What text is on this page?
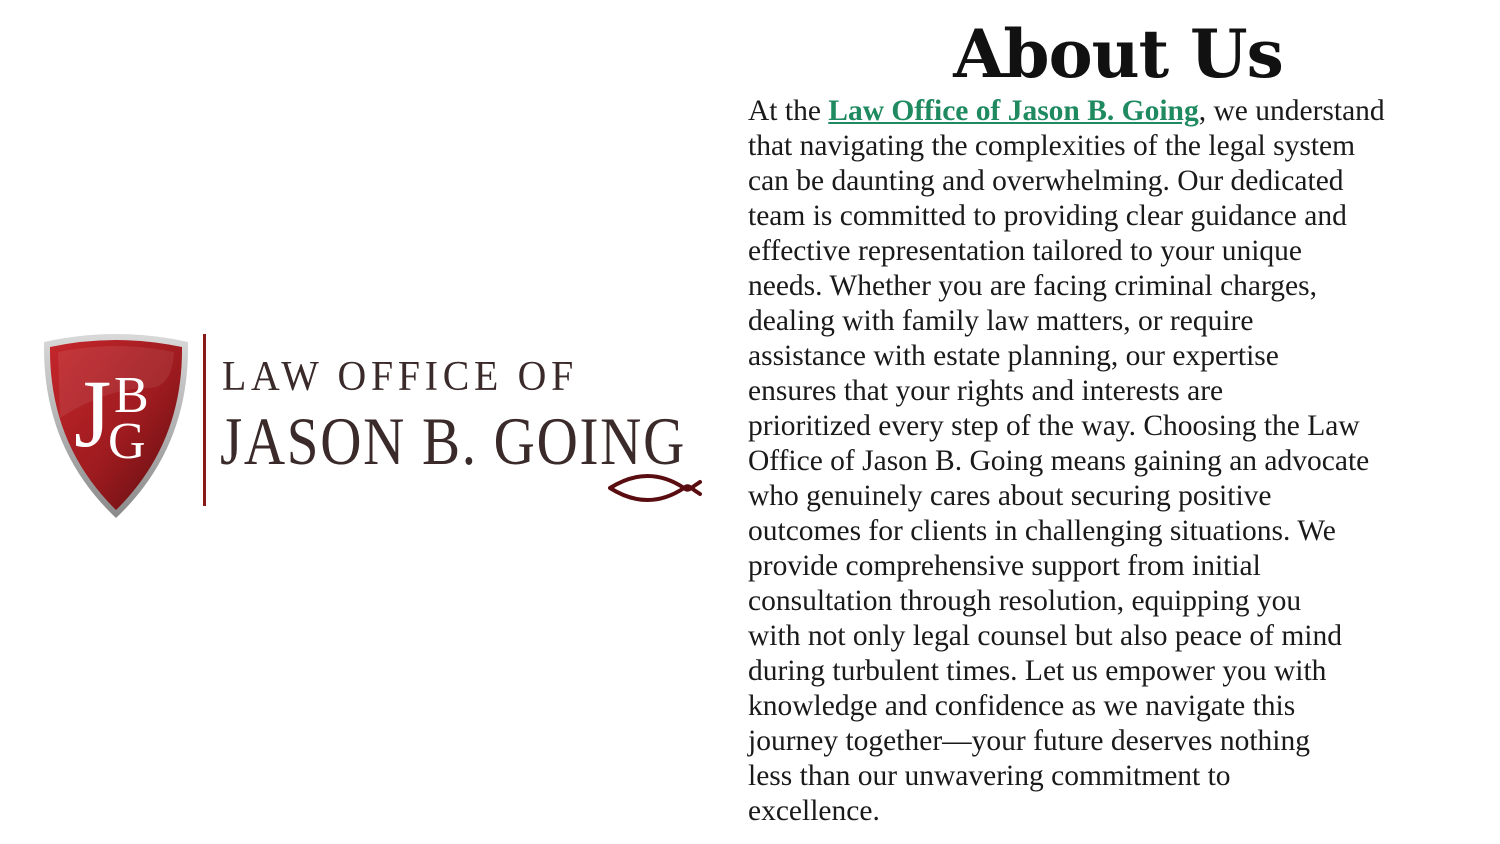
J B
G
LAW OFFICE OF
JASON B. GOING
About Us

At the Law Office of Jason B. Going, we understand
that navigating the complexities of the legal system
can be daunting and overwhelming. Our dedicated
team is committed to providing clear guidance and
effective representation tailored to your unique
needs. Whether you are facing criminal charges,
dealing with family law matters, or require
assistance with estate planning, our expertise
ensures that your rights and interests are
prioritized every step of the way. Choosing the Law
Office of Jason B. Going means gaining an advocate
who genuinely cares about securing positive
outcomes for clients in challenging situations. We
provide comprehensive support from initial
consultation through resolution, equipping you
with not only legal counsel but also peace of mind
during turbulent times. Let us empower you with
knowledge and confidence as we navigate this
journey together—your future deserves nothing
less than our unwavering commitment to
excellence.
